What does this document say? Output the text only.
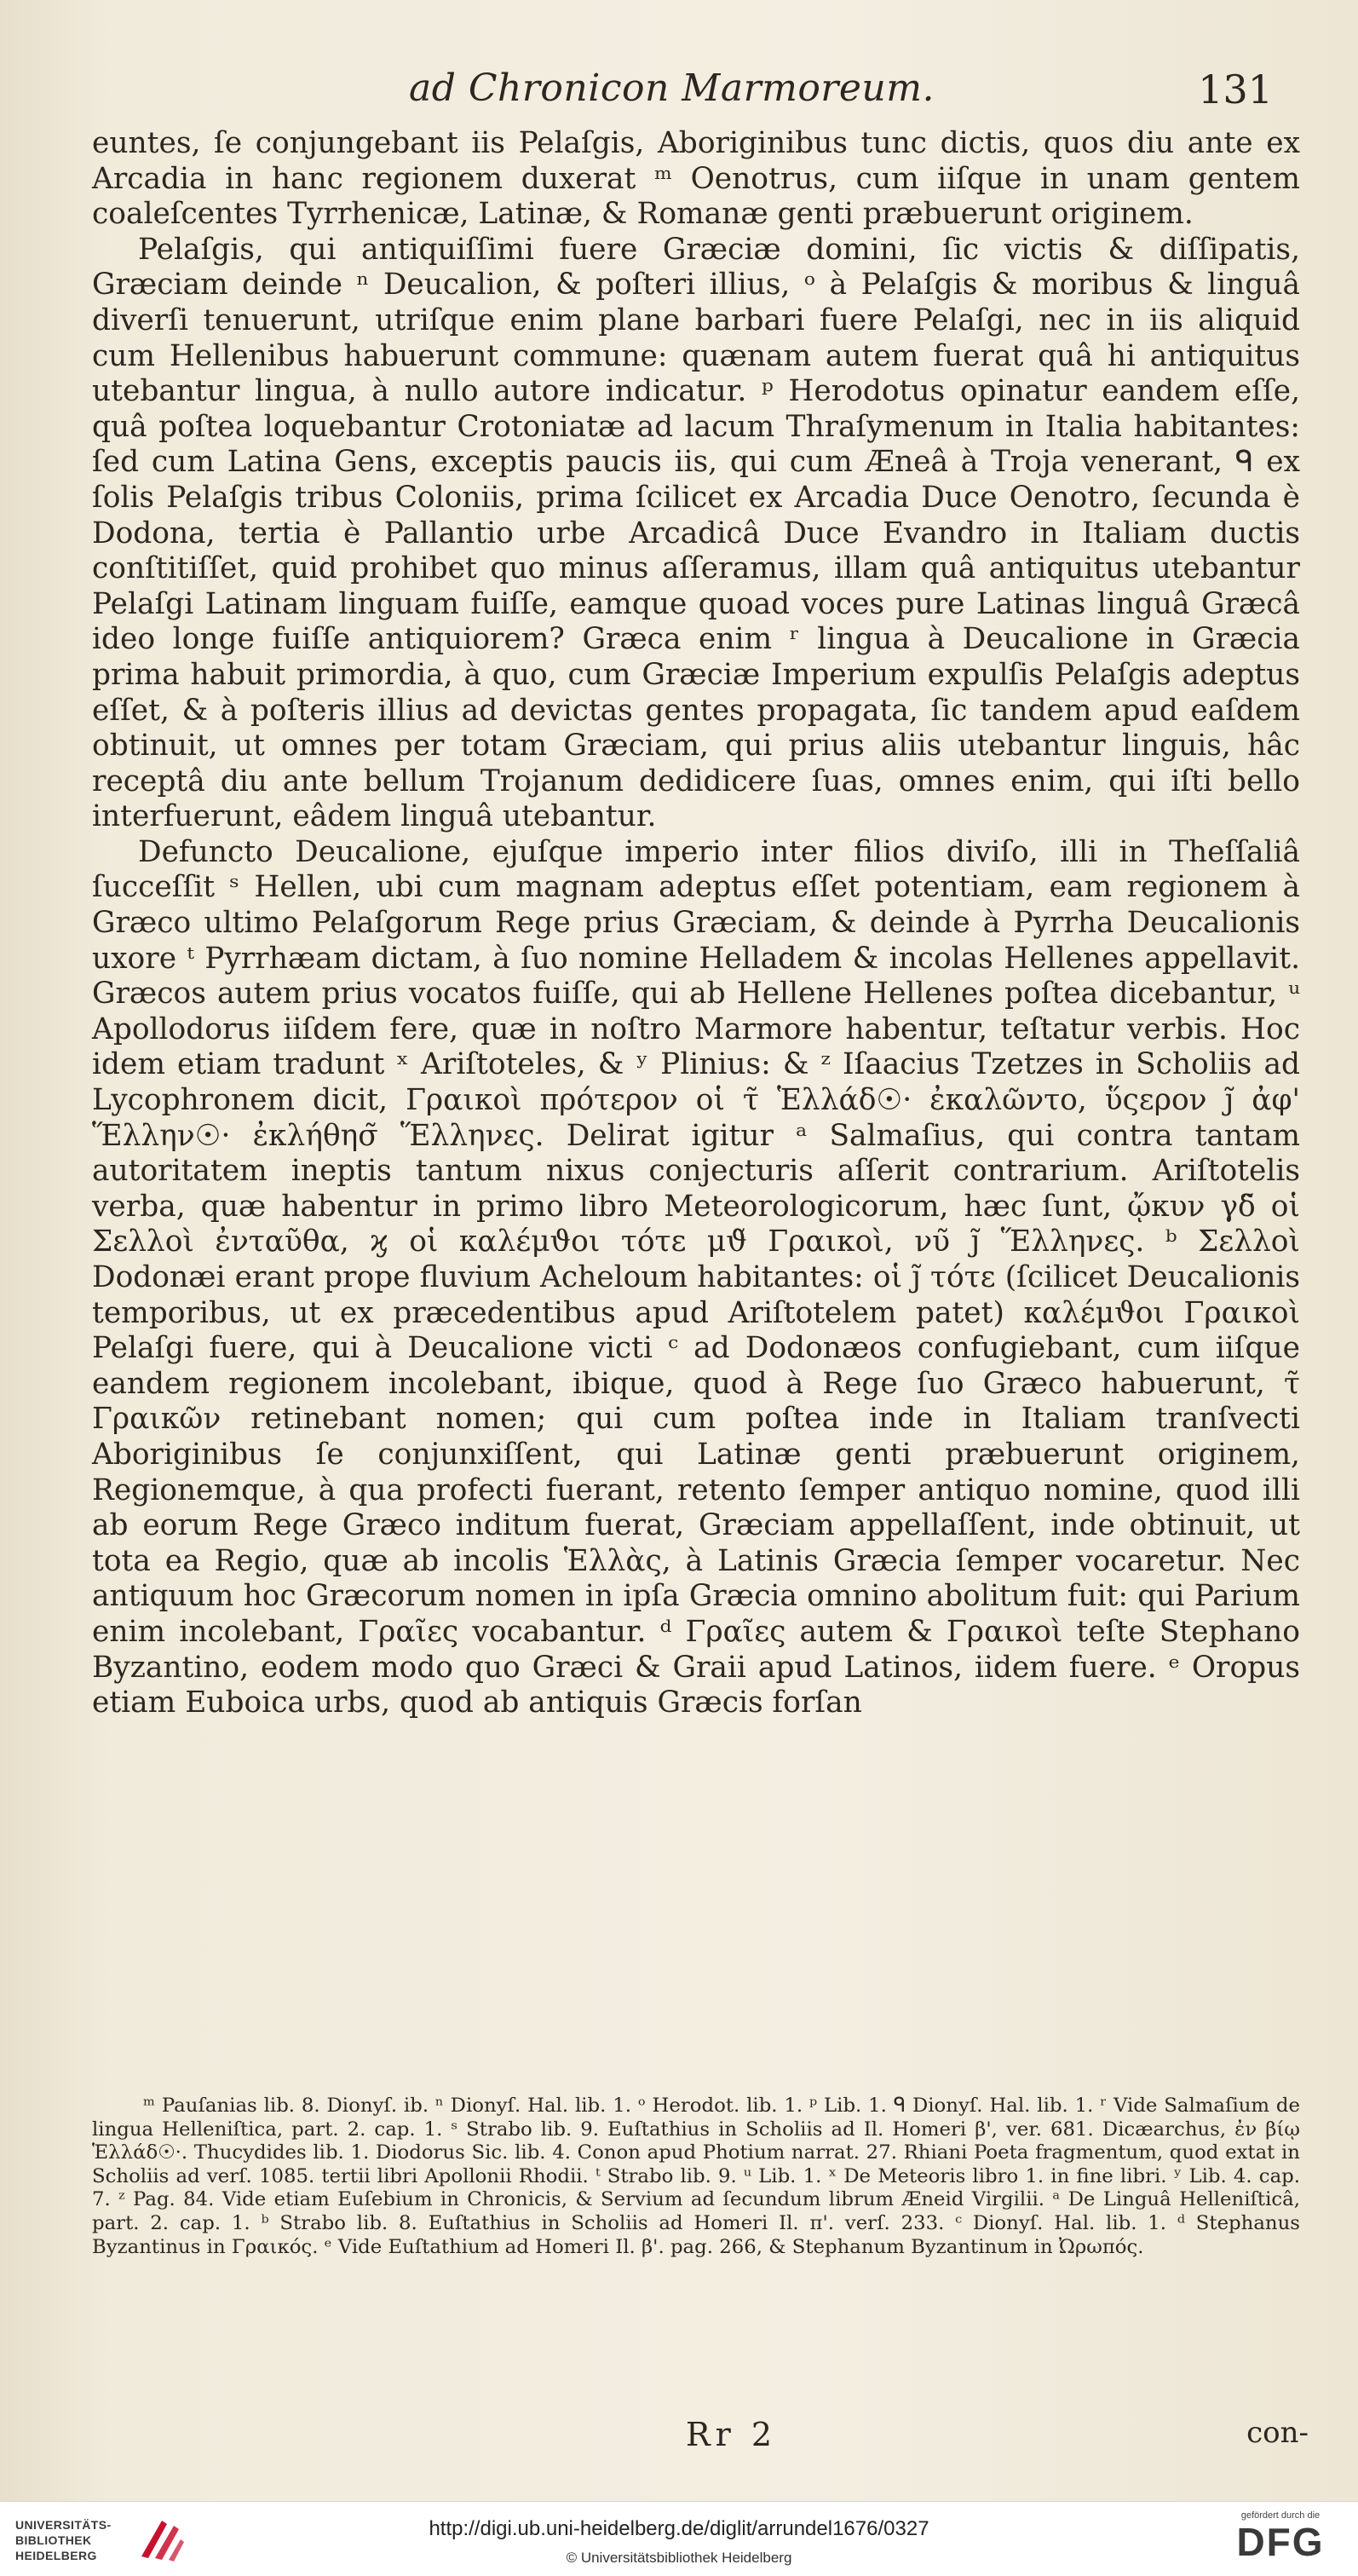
ad Chronicon Marmoreum.	131

euntes, ſe conjungebant iis Pelaſgis, Aboriginibus tunc dictis, quos diu ante ex Arcadia in hanc regionem duxerat ᵐ Oenotrus, cum iiſque in unam gentem coaleſcentes Tyrrhenicæ, Latinæ, & Romanæ genti præbuerunt originem.

Pelaſgis, qui antiquiſſimi fuere Græciæ domini, ſic victis & diſſipatis, Græciam deinde ⁿ Deucalion, & poſteri illius, ᵒ à Pelaſgis & moribus & linguâ diverſi tenuerunt, utriſque enim plane barbari fuere Pelaſgi, nec in iis aliquid cum Hellenibus habuerunt commune: quænam autem fuerat quâ hi antiquitus utebantur lingua, à nullo autore indicatur. ᵖ Herodotus opinatur eandem eſſe, quâ poſtea loquebantur Crotoniatæ ad lacum Thraſymenum in Italia habitantes: ſed cum Latina Gens, exceptis paucis iis, qui cum Æneâ à Troja venerant, ᑫ ex ſolis Pelaſgis tribus Coloniis, prima ſcilicet ex Arcadia Duce Oenotro, ſecunda è Dodona, tertia è Pallantio urbe Arcadicâ Duce Evandro in Italiam ductis conſtitiſſet, quid prohibet quo minus aſſeramus, illam quâ antiquitus utebantur Pelaſgi Latinam linguam fuiſſe, eamque quoad voces pure Latinas linguâ Græcâ ideo longe fuiſſe antiquiorem? Græca enim ʳ lingua à Deucalione in Græcia prima habuit primordia, à quo, cum Græciæ Imperium expulſis Pelaſgis adeptus eſſet, & à poſteris illius ad devictas gentes propagata, ſic tandem apud eaſdem obtinuit, ut omnes per totam Græciam, qui prius aliis utebantur linguis, hâc receptâ diu ante bellum Trojanum dedidicere ſuas, omnes enim, qui iſti bello interfuerunt, eâdem linguâ utebantur.

Defuncto Deucalione, ejuſque imperio inter filios diviſo, illi in Theſſaliâ ſucceſſit ˢ Hellen, ubi cum magnam adeptus eſſet potentiam, eam regionem à Græco ultimo Pelaſgorum Rege prius Græciam, & deinde à Pyrrha Deucalionis uxore ᵗ Pyrrhæam dictam, à ſuo nomine Helladem & incolas Hellenes appellavit. Græcos autem prius vocatos fuiſſe, qui ab Hellene Hellenes poſtea dicebantur, ᵘ Apollodorus iiſdem fere, quæ in noſtro Marmore habentur, teſtatur verbis. Hoc idem etiam tradunt ˣ Ariſtoteles, & ʸ Plinius: & ᶻ Iſaacius Tzetzes in Scholiis ad Lycophronem dicit, Γραικοὶ πρότερον οἱ τ̃ Ἑλλάδ☉· ἐκαλῶντο, ὕςερον ȷ̃ ἀφ' Ἕλλην☉· ἐκλήθησ̃ Ἕλληνες. Delirat igitur ᵃ Salmaſius, qui contra tantam autoritatem ineptis tantum nixus conjecturis aſſerit contrarium. Ariſtotelis verba, quæ habentur in primo libro Meteorologicorum, hæc ſunt, ᾤκυν γδ̃ οἱ Σελλοὶ ἐνταῦθα, ϗ οἱ καλέμϑοι τότε μϑ̃ Γραικοὶ, νυ̃ ȷ̃ Ἕλληνες. ᵇ Σελλοὶ Dodonæi erant prope fluvium Acheloum habitantes: οἱ ȷ̃ τότε (ſcilicet Deucalionis temporibus, ut ex præcedentibus apud Ariſtotelem patet) καλέμϑοι Γραικοὶ Pelaſgi fuere, qui à Deucalione victi ᶜ ad Dodonæos confugiebant, cum iiſque eandem regionem incolebant, ibique, quod à Rege ſuo Græco habuerunt, τ̃ Γραικῶν retinebant nomen; qui cum poſtea inde in Italiam tranſvecti Aboriginibus ſe conjunxiſſent, qui Latinæ genti præbuerunt originem, Regionemque, à qua profecti fuerant, retento ſemper antiquo nomine, quod illi ab eorum Rege Græco inditum fuerat, Græciam appellaſſent, inde obtinuit, ut tota ea Regio, quæ ab incolis Ἑλλὰς, à Latinis Græcia ſemper vocaretur. Nec antiquum hoc Græcorum nomen in ipſa Græcia omnino abolitum fuit: qui Parium enim incolebant, Γραῖες vocabantur. ᵈ Γραῖες autem & Γραικοὶ teſte Stephano Byzantino, eodem modo quo Græci & Graii apud Latinos, iidem fuere. ᵉ Oropus etiam Euboica urbs, quod ab antiquis Græcis forſan

ᵐ Pauſanias lib. 8. Dionyſ. ib. ⁿ Dionyſ. Hal. lib. 1. ᵒ Herodot. lib. 1. ᵖ Lib. 1. ᑫ Dionyſ. Hal. lib. 1. ʳ Vide Salmaſium de lingua Helleniſtica, part. 2. cap. 1. ˢ Strabo lib. 9. Euſtathius in Scholiis ad Il. Homeri β', ver. 681. Dicæarchus, ἐν βίῳ Ἑλλάδ☉·. Thucydides lib. 1. Diodorus Sic. lib. 4. Conon apud Photium narrat. 27. Rhiani Poeta fragmentum, quod extat in Scholiis ad verſ. 1085. tertii libri Apollonii Rhodii. ᵗ Strabo lib. 9. ᵘ Lib. 1. ˣ De Meteoris libro 1. in fine libri. ʸ Lib. 4. cap. 7. ᶻ Pag. 84. Vide etiam Euſebium in Chronicis, & Servium ad ſecundum librum Æneid Virgilii. ᵃ De Linguâ Helleniſticâ, part. 2. cap. 1. ᵇ Strabo lib. 8. Euſtathius in Scholiis ad Homeri Il. π'. verſ. 233. ᶜ Dionyſ. Hal. lib. 1. ᵈ Stephanus Byzantinus in Γραικός. ᵉ Vide Euſtathium ad Homeri Il. β'. pag. 266, & Stephanum Byzantinum in Ὠρωπός.

Rr 2	con-
UNIVERSITÄTS-BIBLIOTHEK HEIDELBERG
http://digi.ub.uni-heidelberg.de/diglit/arrundel1676/0327
© Universitätsbibliothek Heidelberg
gefördert durch die
DFG
